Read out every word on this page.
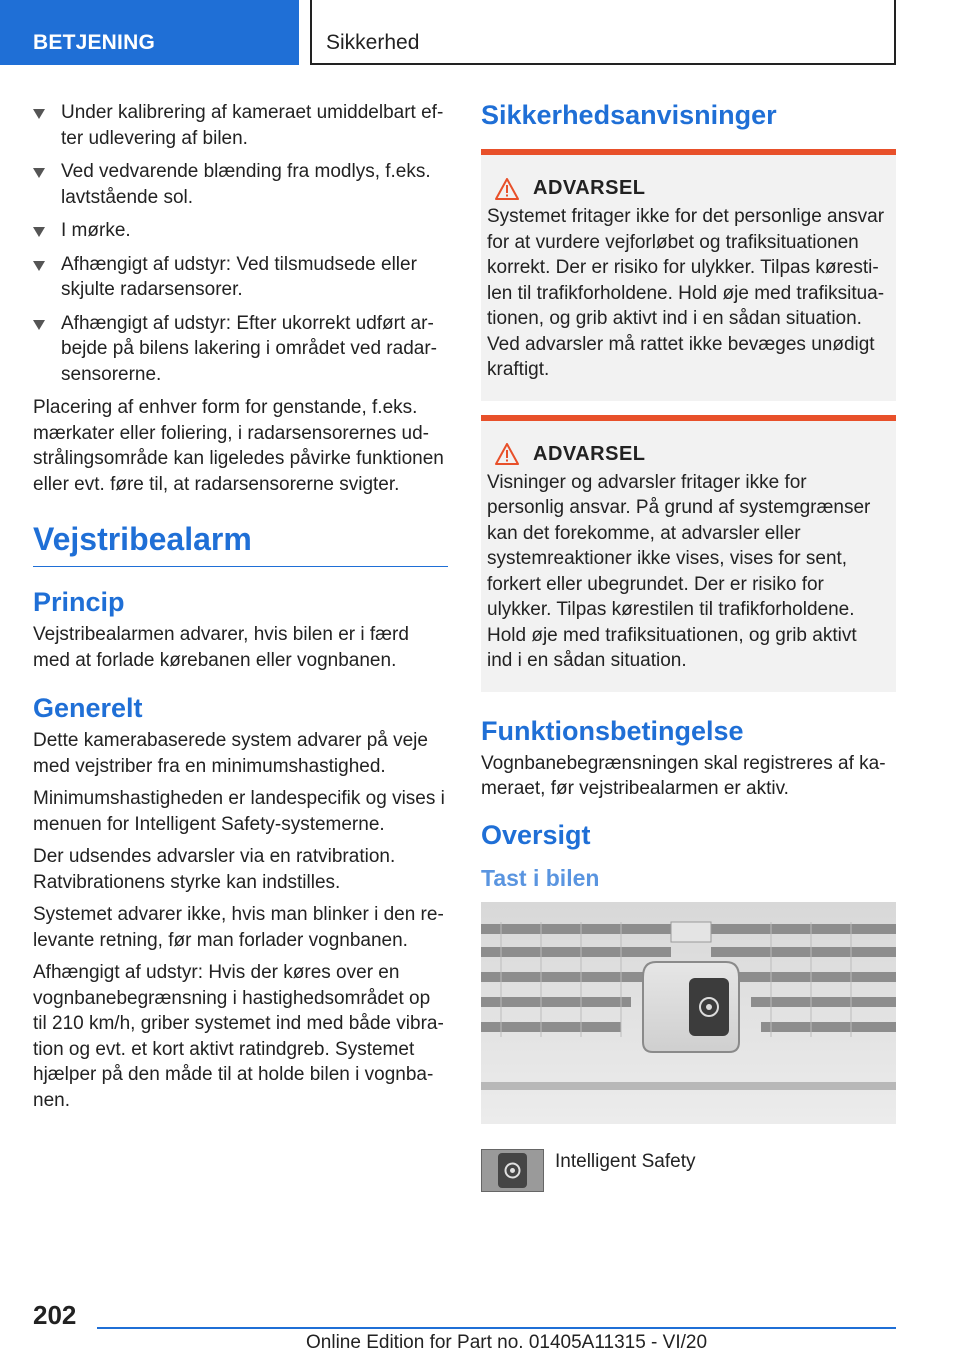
BETJENING	Sikkerhed
Under kalibrering af kameraet umiddelbart efter udlevering af bilen.
Ved vedvarende blænding fra modlys, f.eks. lavtstående sol.
I mørke.
Afhængigt af udstyr: Ved tilsmudsede eller skjulte radarsensorer.
Afhængigt af udstyr: Efter ukorrekt udført arbejde på bilens lakering i området ved radarsensorerne.

Placering af enhver form for genstande, f.eks. mærkater eller foliering, i radarsensorernes udstrålingsområde kan ligeledes påvirke funktionen eller evt. føre til, at radarsensorerne svigter.

Vejstribealarm
Princip

Vejstribealarmen advarer, hvis bilen er i færd med at forlade kørebanen eller vognbanen.

Generelt

Dette kamerabaserede system advarer på veje med vejstriber fra en minimumshastighed.

Minimumshastigheden er landespecifik og vises i menuen for Intelligent Safety-systemerne.

Der udsendes advarsler via en ratvibration. Ratvibrationens styrke kan indstilles.

Systemet advarer ikke, hvis man blinker i den relevante retning, før man forlader vognbanen.

Afhængigt af udstyr: Hvis der køres over en vognbanebegrænsning i hastighedsområdet op til 210 km/h, griber systemet ind med både vibration og evt. et kort aktivt ratindgreb. Systemet hjælper på den måde til at holde bilen i vognbanen.

Sikkerhedsanvisninger
ADVARSEL
Systemet fritager ikke for det personlige ansvar for at vurdere vejforløbet og trafiksituationen korrekt. Der er risiko for ulykker. Tilpas kørestilen til trafikforholdene. Hold øje med trafiksituationen, og grib aktivt ind i en sådan situation. Ved advarsler må rattet ikke bevæges unødigt kraftigt.
ADVARSEL
Visninger og advarsler fritager ikke for personlig ansvar. På grund af systemgrænser kan det forekomme, at advarsler eller systemreaktioner ikke vises, vises for sent, forkert eller ubegrundet. Der er risiko for ulykker. Tilpas kørestilen til trafikforholdene. Hold øje med trafiksituationen, og grib aktivt ind i en sådan situation.
Funktionsbetingelse

Vognbanebegrænsningen skal registreres af kameraet, før vejstribealarmen er aktiv.

Oversigt
Tast i bilen
Intelligent Safety
202
Online Edition for Part no. 01405A11315 - VI/20
